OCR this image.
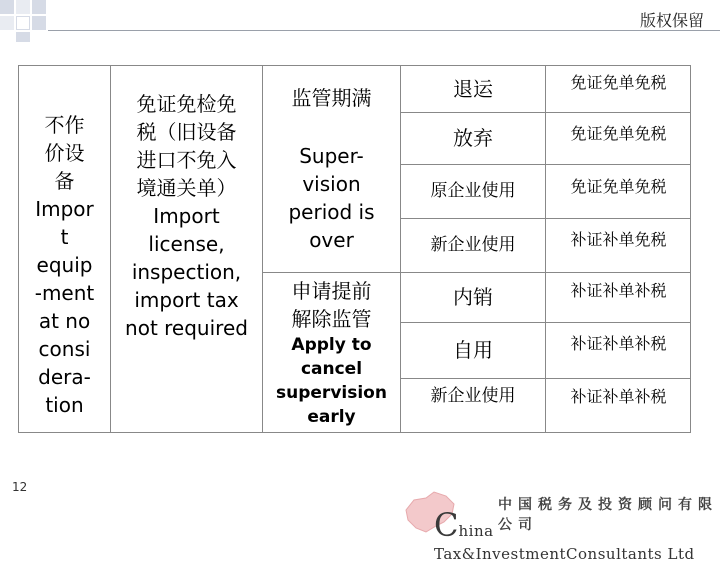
版权保留
不作
价设
备
Impor
t
equip
-ment
at no
consi
dera-
tion
免证免检免
税（旧设备
进口不免入
境通关单）
Import
license,
inspection,
import tax
not required
监管期满
Super-
vision
period is
over
申请提前
解除监管
Apply to
cancel
supervision
early
退运
放弃
原企业使用
新企业使用
内销
自用
新企业使用
免证免单免税
免证免单免税
免证免单免税
补证补单免税
补证补单补税
补证补单补税
补证补单补税
12
中国税务及投资顾问有限公司
China Tax&InvestmentConsultants Ltd
